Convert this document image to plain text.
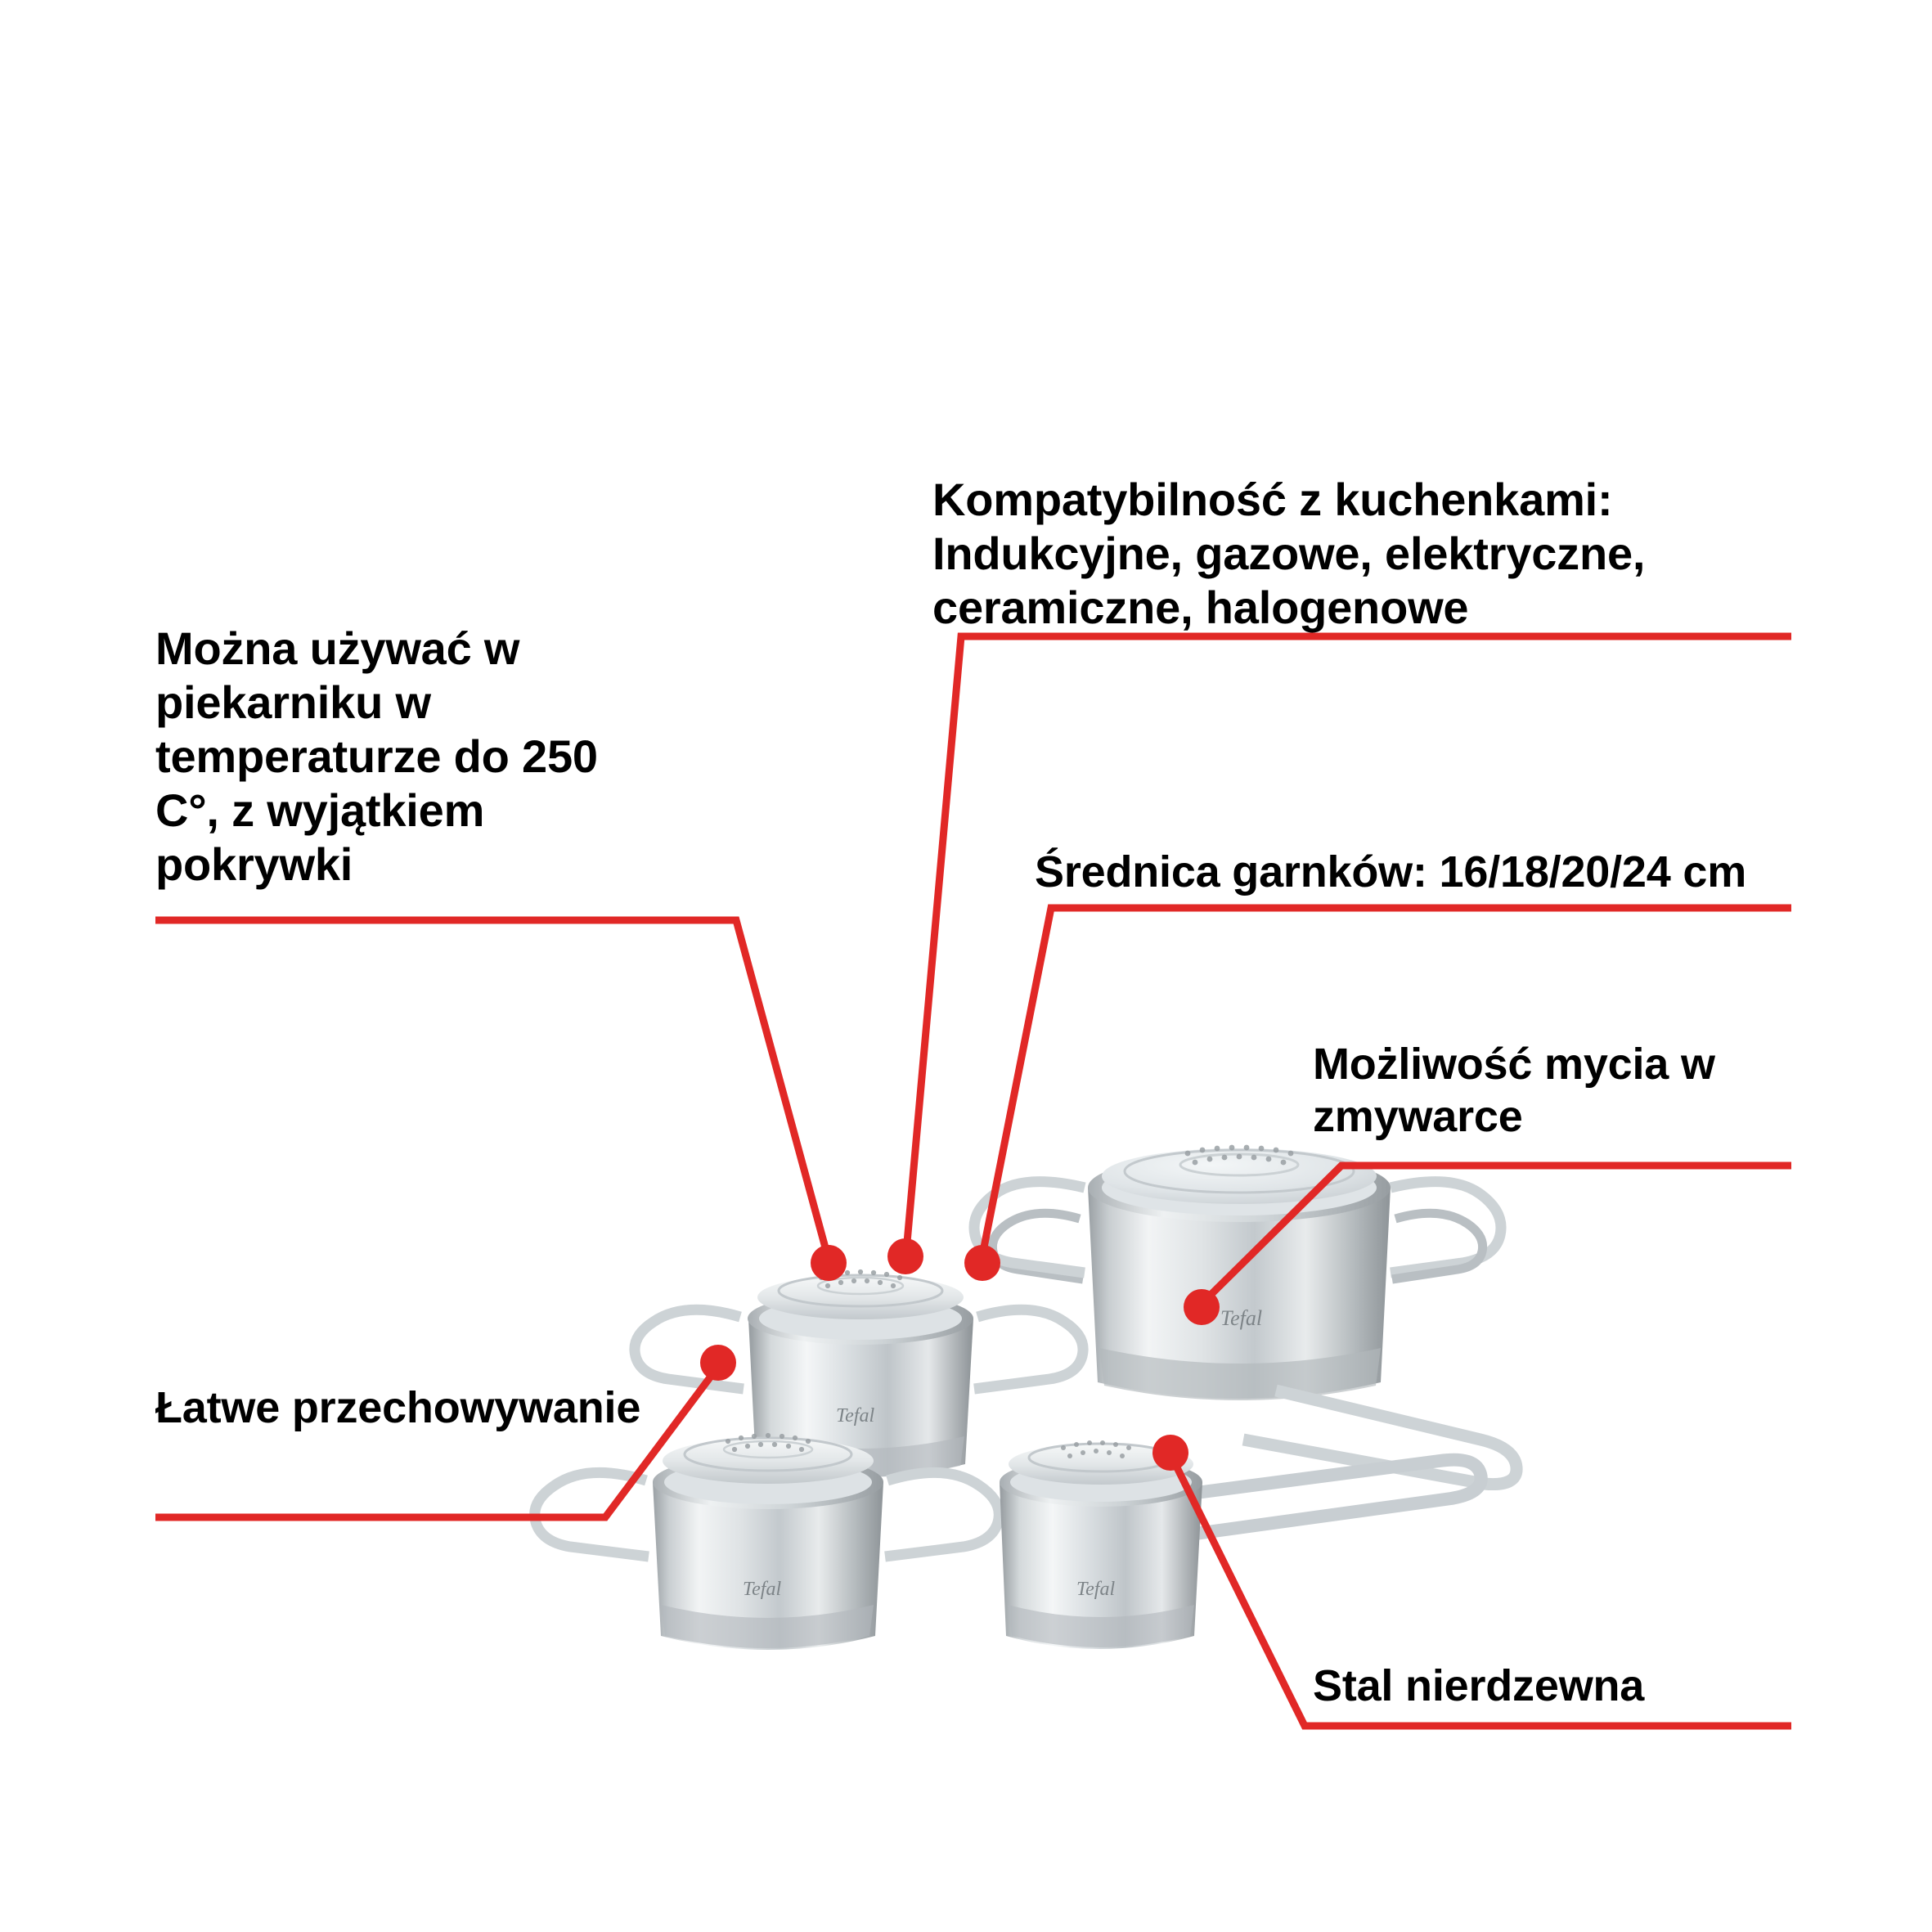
Tefal
Tefal
Tefal	Tefal
Można używać w piekarniku w temperaturze do 250 C°, z wyjątkiem pokrywki
Kompatybilność z kuchenkami: Indukcyjne, gazowe, elektryczne, ceramiczne, halogenowe
Średnica garnków: 16/18/20/24 cm
Możliwość mycia w zmywarce
Łatwe przechowywanie
Stal nierdzewna
